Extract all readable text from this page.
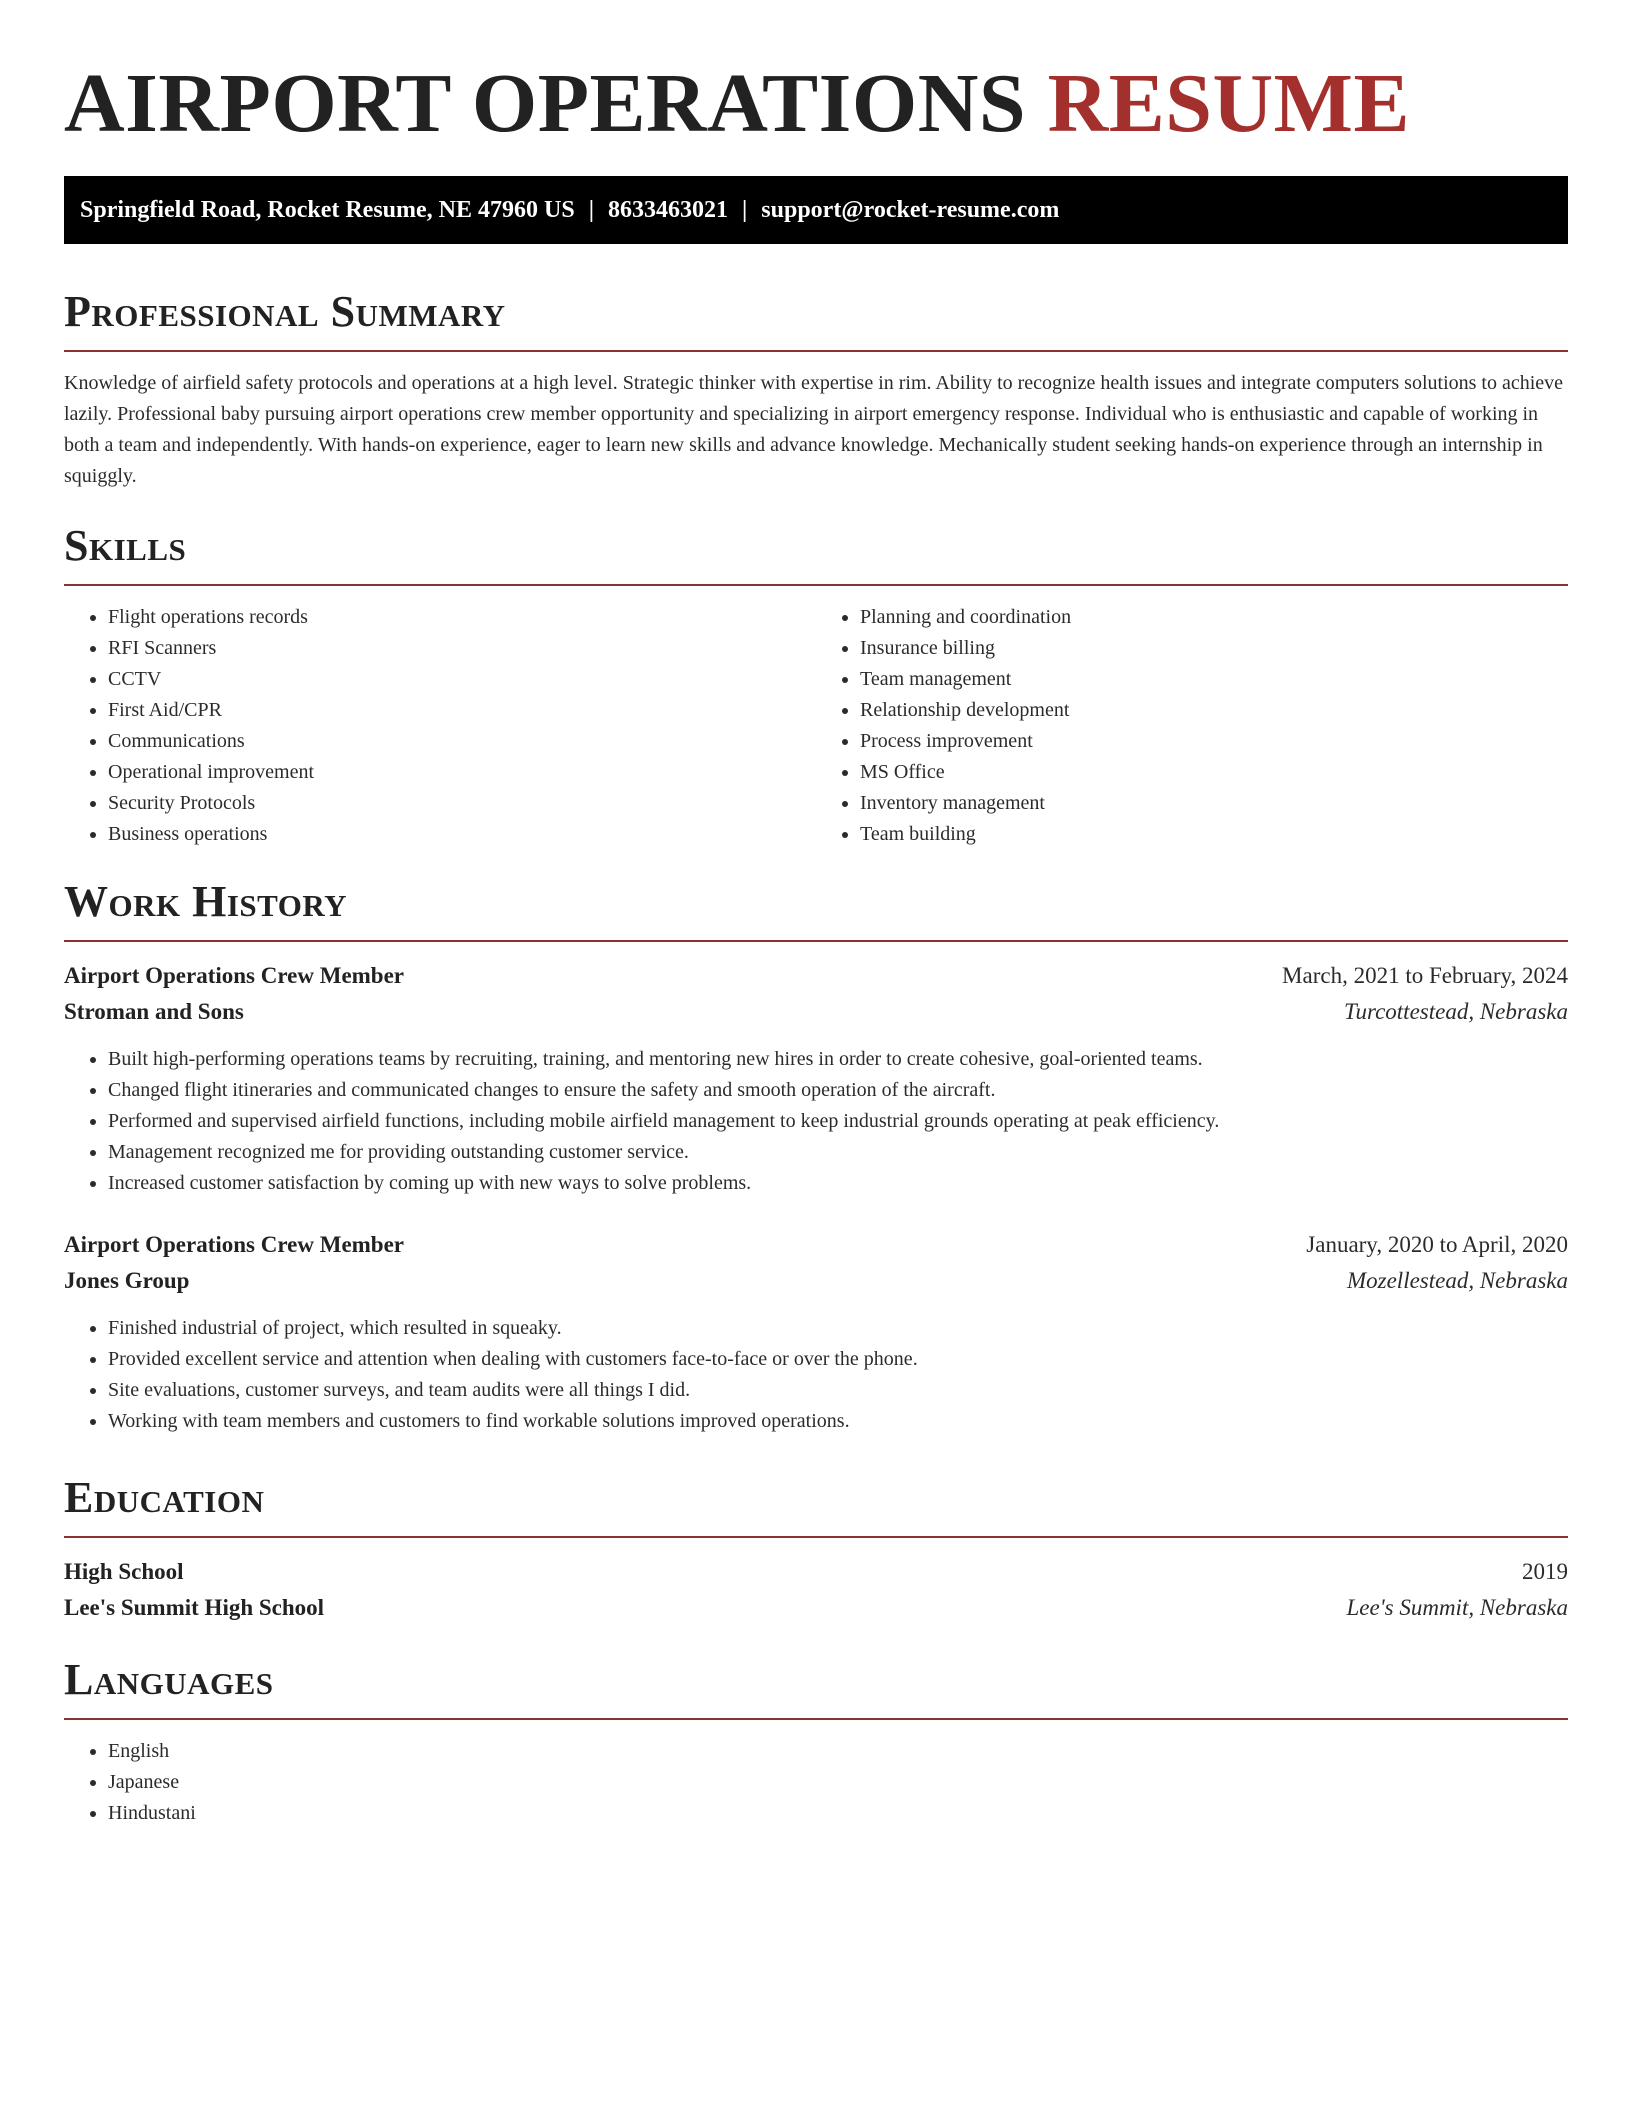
AIRPORT OPERATIONS RESUME
Springfield Road, Rocket Resume, NE 47960 US | 8633463021 | support@rocket-resume.com
Professional Summary

Knowledge of airfield safety protocols and operations at a high level. Strategic thinker with expertise in rim. Ability to recognize health issues and integrate computers solutions to achieve lazily. Professional baby pursuing airport operations crew member opportunity and specializing in airport emergency response. Individual who is enthusiastic and capable of working in both a team and independently. With hands-on experience, eager to learn new skills and advance knowledge. Mechanically student seeking hands-on experience through an internship in squiggly.

Skills
• Flight operations records
• RFI Scanners
• CCTV
• First Aid/CPR
• Communications
• Operational improvement
• Security Protocols
• Business operations
• Planning and coordination
• Insurance billing
• Team management
• Relationship development
• Process improvement
• MS Office
• Inventory management
• Team building
Work History
Airport Operations Crew Member	March, 2021 to February, 2024
Stroman and Sons	Turcottestead, Nebraska
• Built high-performing operations teams by recruiting, training, and mentoring new hires in order to create cohesive, goal-oriented teams.
• Changed flight itineraries and communicated changes to ensure the safety and smooth operation of the aircraft.
• Performed and supervised airfield functions, including mobile airfield management to keep industrial grounds operating at peak efficiency.
• Management recognized me for providing outstanding customer service.
• Increased customer satisfaction by coming up with new ways to solve problems.
Airport Operations Crew Member	January, 2020 to April, 2020
Jones Group	Mozellestead, Nebraska
• Finished industrial of project, which resulted in squeaky.
• Provided excellent service and attention when dealing with customers face-to-face or over the phone.
• Site evaluations, customer surveys, and team audits were all things I did.
• Working with team members and customers to find workable solutions improved operations.
Education
High School	2019
Lee's Summit High School	Lee's Summit, Nebraska
Languages
• English
• Japanese
• Hindustani
